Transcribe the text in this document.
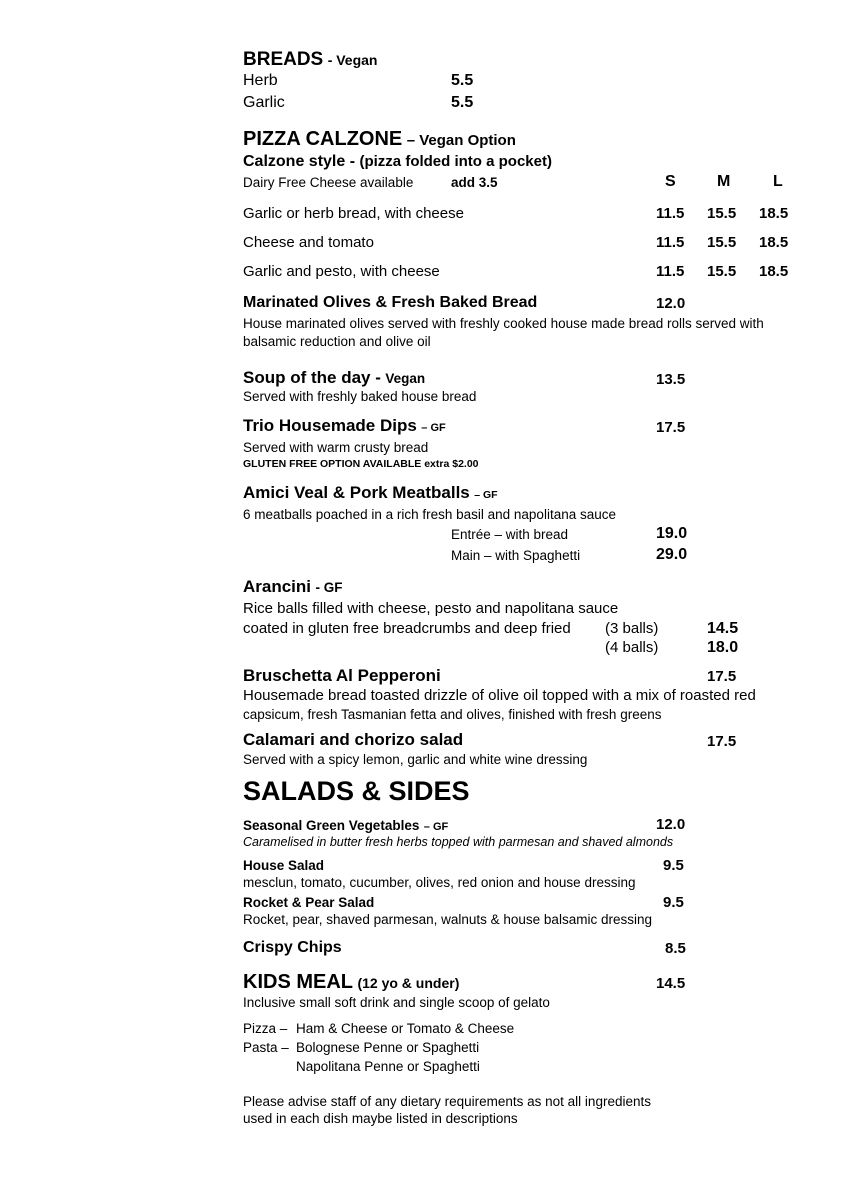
BREADS - Vegan
Herb	5.5
Garlic	5.5
PIZZA CALZONE – Vegan Option
Calzone style - (pizza folded into a pocket)
Dairy Free Cheese available	add 3.5	S	M	L
Garlic or herb bread, with cheese	11.5 15.5 18.5
Cheese and tomato	11.5 15.5 18.5
Garlic and pesto, with cheese	11.5 15.5 18.5
Marinated Olives & Fresh Baked Bread	12.0
House marinated olives served with freshly cooked house made bread rolls served with
balsamic reduction and olive oil
Soup of the day - Vegan	13.5
Served with freshly baked house bread
Trio Housemade Dips – GF	17.5
Served with warm crusty bread
GLUTEN FREE OPTION AVAILABLE extra $2.00
Amici Veal & Pork Meatballs – GF
6 meatballs poached in a rich fresh basil and napolitana sauce
Entrée – with bread	19.0
Main – with Spaghetti	29.0
Arancini - GF
Rice balls filled with cheese, pesto and napolitana sauce
coated in gluten free breadcrumbs and deep fried (3 balls)	14.5
(4 balls)	18.0
Bruschetta Al Pepperoni	17.5
Housemade bread toasted drizzle of olive oil topped with a mix of roasted red
capsicum, fresh Tasmanian fetta and olives, finished with fresh greens
Calamari and chorizo salad	17.5
Served with a spicy lemon, garlic and white wine dressing
SALADS & SIDES
Seasonal Green Vegetables – GF	12.0
Caramelised in butter fresh herbs topped with parmesan and shaved almonds
House Salad	9.5
mesclun, tomato, cucumber, olives, red onion and house dressing
Rocket & Pear Salad	9.5
Rocket, pear, shaved parmesan, walnuts & house balsamic dressing
Crispy Chips	8.5
KIDS MEAL (12 yo & under)	14.5
Inclusive small soft drink and single scoop of gelato
Pizza – Ham & Cheese or Tomato & Cheese
Pasta – Bolognese Penne or Spaghetti
Napolitana Penne or Spaghetti
Please advise staff of any dietary requirements as not all ingredients
used in each dish maybe listed in descriptions
